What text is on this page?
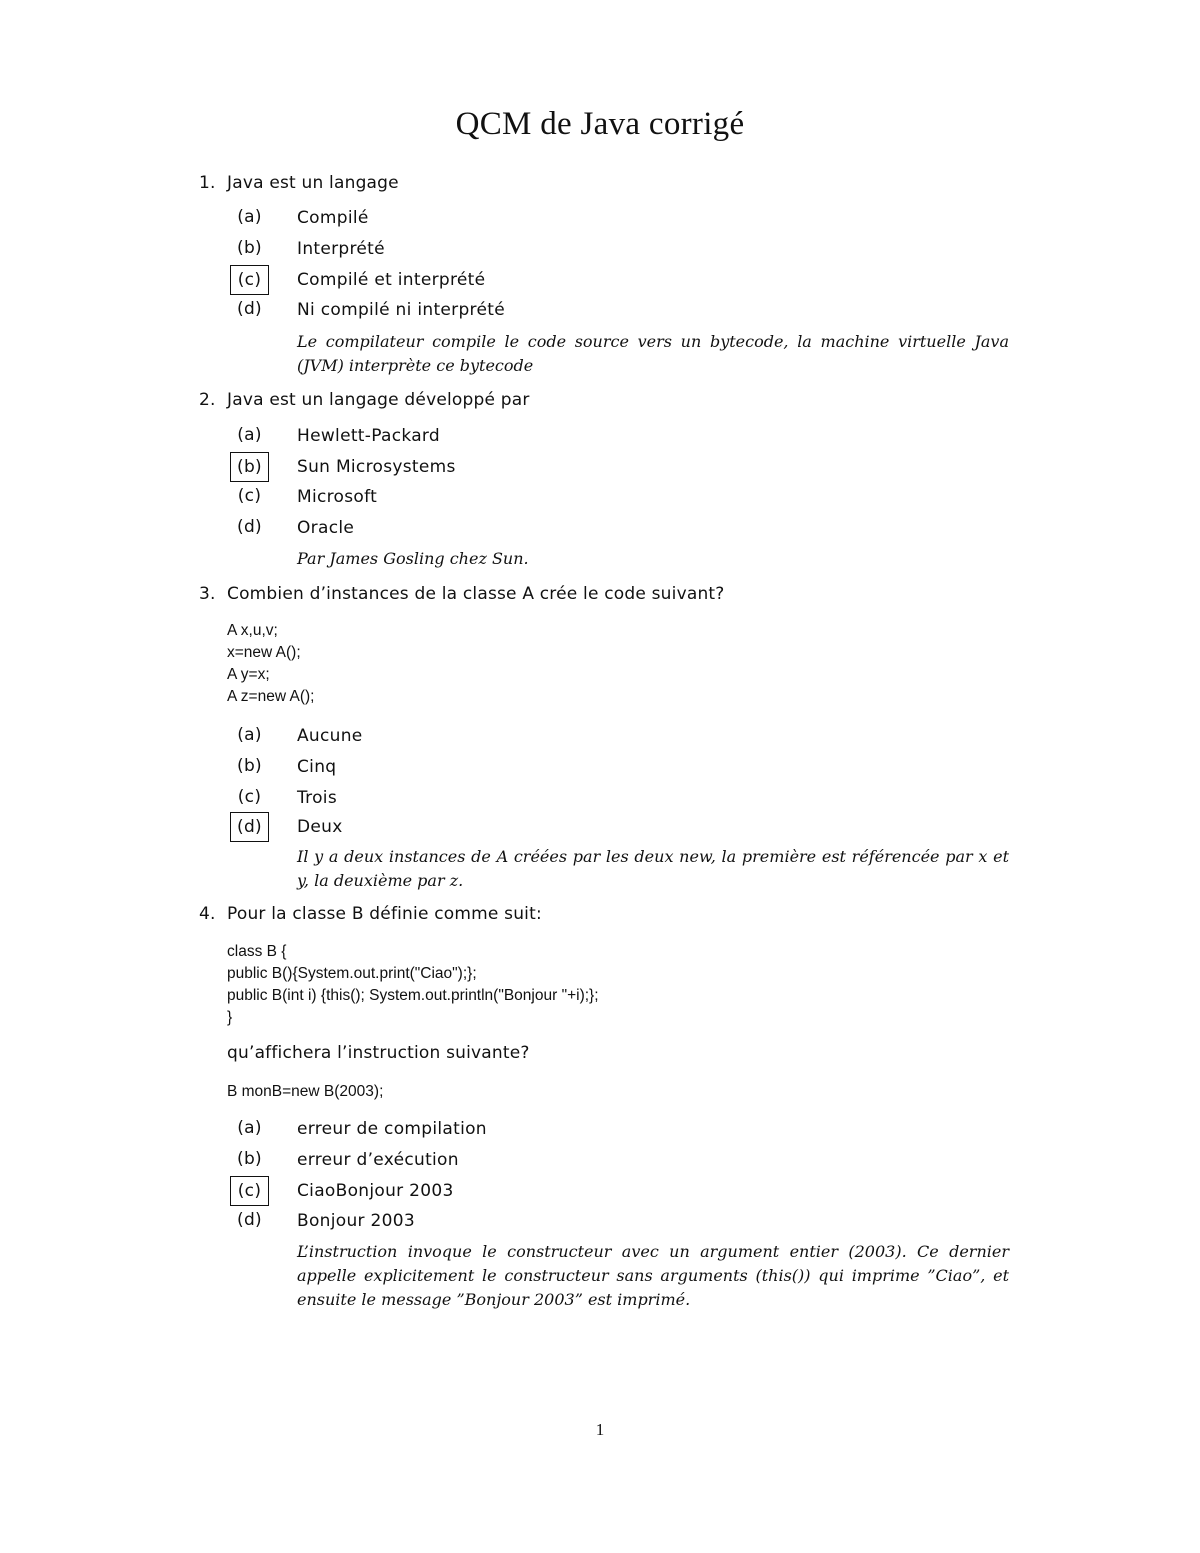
QCM de Java corrigé
1. Java est un langage
(a)	Compilé
(b)	Interprété
(c)	Compilé et interprété
(d)	Ni compilé ni interprété
Le compilateur compile le code source vers un bytecode, la machine virtuelle Java (JVM) interprète ce bytecode
2. Java est un langage développé par
(a)	Hewlett-Packard
(b)	Sun Microsystems
(c)	Microsoft
(d)	Oracle
Par James Gosling chez Sun.
3. Combien d’instances de la classe A crée le code suivant?
A x,u,v;
x=new A();
A y=x;
A z=new A();
(a)	Aucune
(b)	Cinq
(c)	Trois
(d)	Deux
Il y a deux instances de A créées par les deux new, la première est référencée par x et y, la deuxième par z.
4. Pour la classe B définie comme suit:
class B {
public B(){System.out.print("Ciao");};
public B(int i) {this(); System.out.println("Bonjour "+i);};
}
qu’affichera l’instruction suivante?
B monB=new B(2003);
(a)	erreur de compilation
(b)	erreur d’exécution
(c)	CiaoBonjour 2003
(d)	Bonjour 2003
L’instruction invoque le constructeur avec un argument entier (2003). Ce dernier appelle explicitement le constructeur sans arguments (this()) qui imprime ”Ciao”, et ensuite le message ”Bonjour 2003” est imprimé.
1
